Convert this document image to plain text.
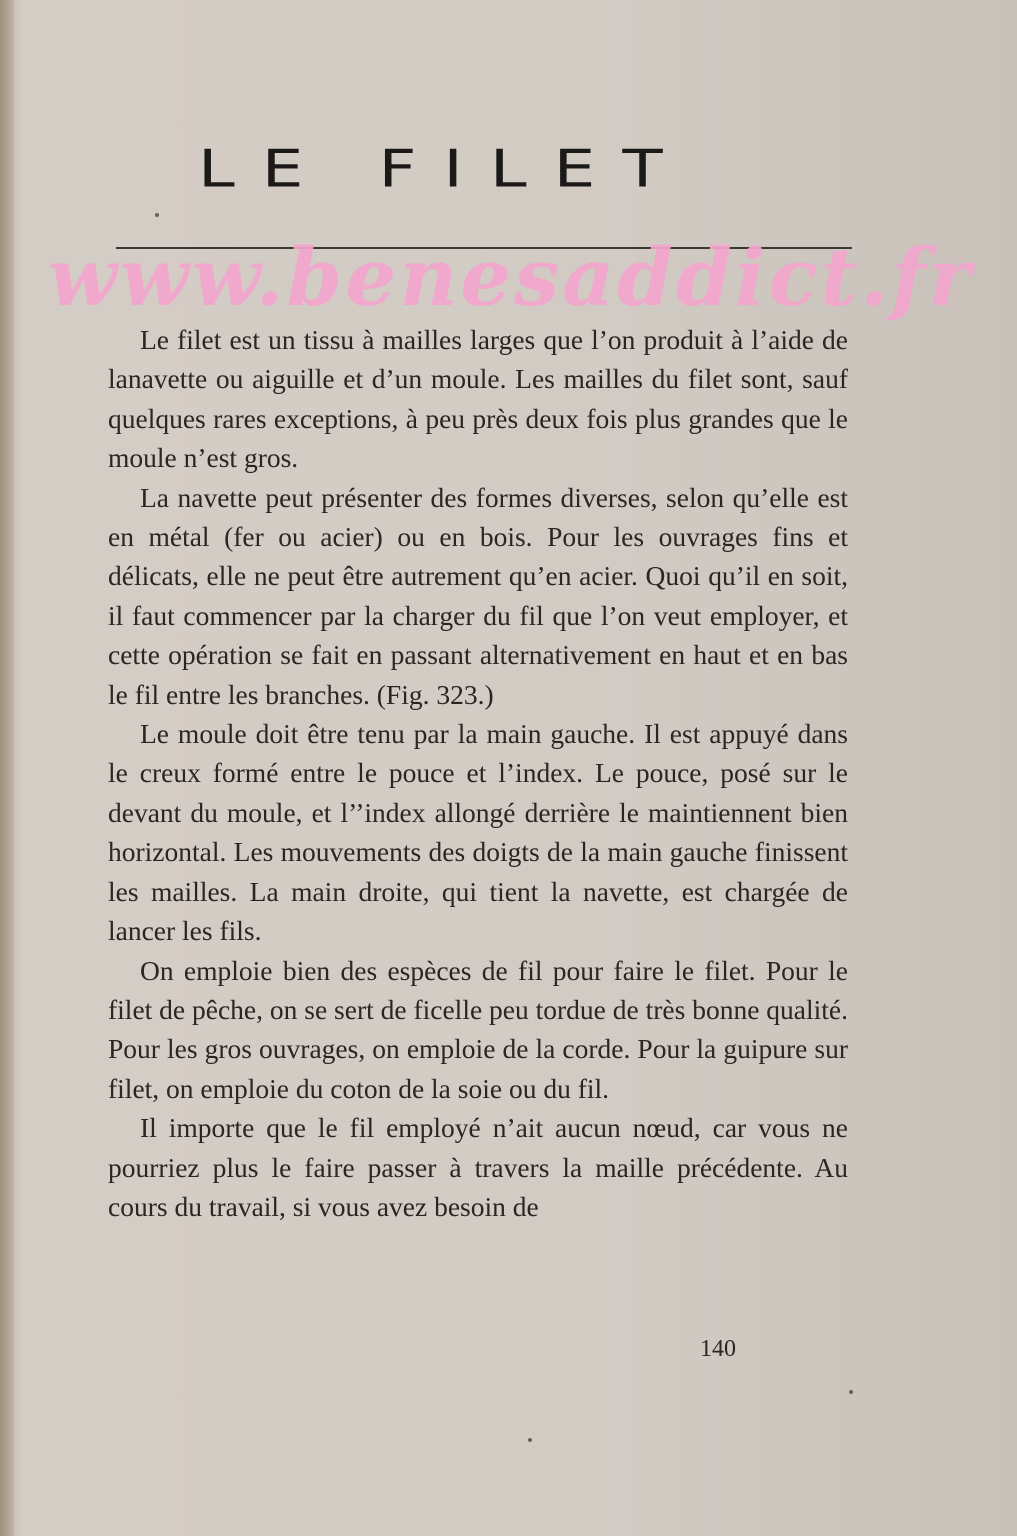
LE FILET
www.benesaddict.fr

Le filet est un tissu à mailles larges que l’on produit à l’aide de lanavette ou aiguille et d’un moule. Les mailles du filet sont, sauf quelques rares exceptions, à peu près deux fois plus grandes que le moule n’est gros.

La navette peut présenter des formes diverses, selon qu’elle est en métal (fer ou acier) ou en bois. Pour les ouvrages fins et délicats, elle ne peut être autrement qu’en acier. Quoi qu’il en soit, il faut commencer par la charger du fil que l’on veut employer, et cette opération se fait en passant alternativement en haut et en bas le fil entre les branches. (Fig. 323.)

Le moule doit être tenu par la main gauche. Il est appuyé dans le creux formé entre le pouce et l’index. Le pouce, posé sur le devant du moule, et l’’index allongé derrière le maintiennent bien horizontal. Les mouvements des doigts de la main gauche finissent les mailles. La main droite, qui tient la navette, est chargée de lancer les fils.

On emploie bien des espèces de fil pour faire le filet. Pour le filet de pêche, on se sert de ficelle peu tordue de très bonne qualité. Pour les gros ouvrages, on emploie de la corde. Pour la guipure sur filet, on emploie du coton de la soie ou du fil.

Il importe que le fil employé n’ait aucun nœud, car vous ne pourriez plus le faire passer à travers la maille précédente. Au cours du travail, si vous avez besoin de

140
